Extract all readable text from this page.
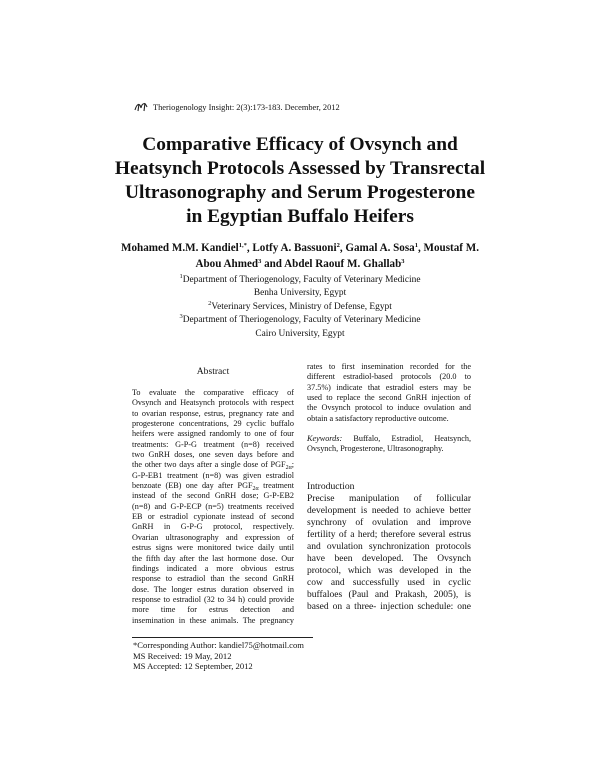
Theriogenology Insight: 2(3):173-183. December, 2012
Comparative Efficacy of Ovsynch and
Heatsynch Protocols Assessed by Transrectal
Ultrasonography and Serum Progesterone
in Egyptian Buffalo Heifers
Mohamed M.M. Kandiel$^{1,*}$, Lotfy A. Bassuoni$^2$, Gamal A. Sosa$^1$, Moustaf M.
Abou Ahmed$^3$ and Abdel Raouf M. Ghallab$^3$
$^1$Department of Theriogenology, Faculty of Veterinary Medicine
Benha University, Egypt
$^2$Veterinary Services, Ministry of Defense, Egypt
$^3$Department of Theriogenology, Faculty of Veterinary Medicine
Cairo University, Egypt
Abstract
To evaluate the comparative efficacy of
Ovsynch and Heatsynch protocols with respect
to ovarian response, estrus, pregnancy rate and
progesterone concentrations, 29 cyclic buffalo
heifers were assigned randomly to one of four
treatments: G-P-G treatment (n=8) received
two GnRH doses, one seven days before and
the other two days after a single dose of $PGF_{2\alpha}$;
G-P-EB1 treatment (n=8) was given estradiol
benzoate (EB) one day after $PGF_{2\alpha}$ treatment
instead of the second GnRH dose; G-P-EB2
(n=8) and G-P-ECP (n=5) treatments received
EB or estradiol cypionate instead of second
GnRH in G-P-G protocol, respectively.
Ovarian ultrasonography and expression of
estrus signs were monitored twice daily until
the fifth day after the last hormone dose. Our
findings indicated a more obvious estrus
response to estradiol than the second GnRH
dose. The longer estrus duration observed in
response to estradiol (32 to 34 h) could provide
more time for estrus detection and
insemination in these animals. The pregnancy
rates to first insemination recorded for the
different estradiol-based protocols (20.0 to
37.5%) indicate that estradiol esters may be
used to replace the second GnRH injection of
the Ovsynch protocol to induce ovulation and
obtain a satisfactory reproductive outcome.
Keywords: Buffalo, Estradiol, Heatsynch,
Ovsynch, Progesterone, Ultrasonography.
Introduction
Precise manipulation of follicular
development is needed to achieve better
synchrony of ovulation and improve
fertility of a herd; therefore several estrus
and ovulation synchronization protocols
have been developed. The Ovsynch
protocol, which was developed in the
cow and successfully used in cyclic
buffaloes (Paul and Prakash, 2005), is
based on a three- injection schedule: one
*Corresponding Author: kandiel75@hotmail.com
MS Received: 19 May, 2012
MS Accepted: 12 September, 2012
